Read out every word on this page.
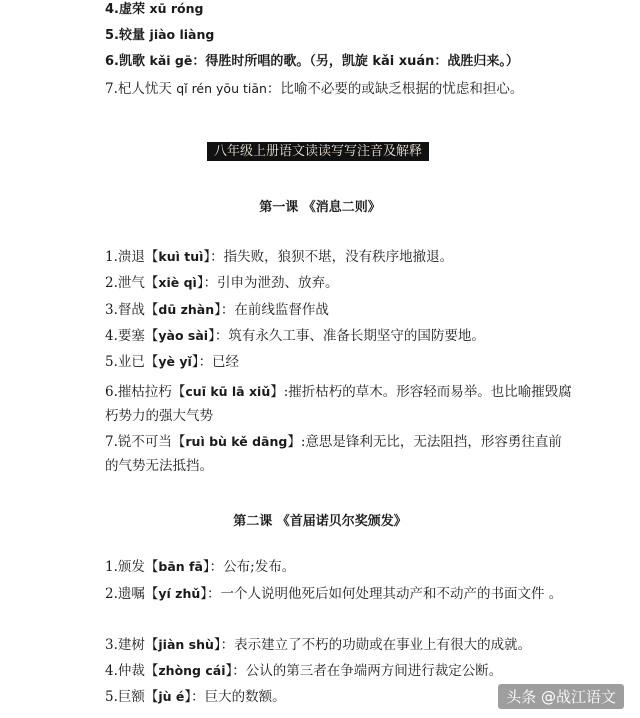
4.虚荣 xū róng
5.较量 jiào liàng
6.凯歌 kǎi gē：得胜时所唱的歌。（另，凯旋 kǎi xuán：战胜归来。）
7.杞人忧天 qǐ rén yōu tiān：比喻不必要的或缺乏根据的忧虑和担心。
八年级上册语文读读写写注音及解释
第一课 《消息二则》
1.溃退【kuì tuì】：指失败，狼狈不堪，没有秩序地撤退。
2.泄气【xiè qì】：引申为泄劲、放弃。
3.督战【dū zhàn】：在前线监督作战
4.要塞【yào sài】：筑有永久工事、准备长期坚守的国防要地。
5.业已【yè yǐ】：已经
6.摧枯拉朽【cuī kū lā xiǔ】:摧折枯朽的草木。形容轻而易举。也比喻摧毁腐朽势力的强大气势
7.锐不可当【ruì bù kě dāng】:意思是锋利无比，无法阻挡，形容勇往直前的气势无法抵挡。
第二课 《首届诺贝尔奖颁发》
1.颁发【bān fā】：公布;发布。
2.遗嘱【yí zhǔ】：一个人说明他死后如何处理其动产和不动产的书面文件 。
3.建树【jiàn shù】：表示建立了不朽的功勋或在事业上有很大的成就。
4.仲裁【zhòng cái】：公认的第三者在争端两方间进行裁定公断。
5.巨额【jù é】：巨大的数额。	头条 @战江语文
